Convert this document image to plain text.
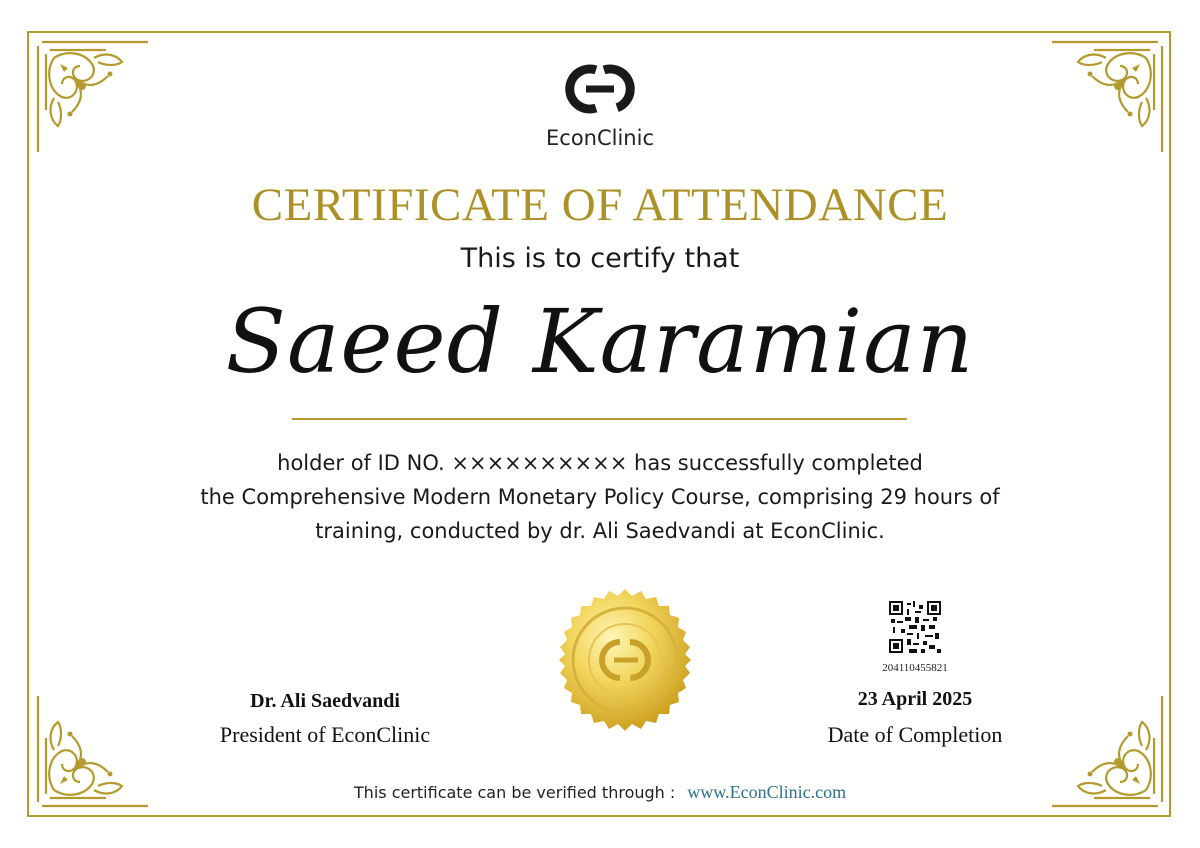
EconClinic
CERTIFICATE OF ATTENDANCE
This is to certify that
Saeed Karamian
holder of ID NO. ×××××××××× has successfully completed
the Comprehensive Modern Monetary Policy Course, comprising 29 hours of
training, conducted by dr. Ali Saedvandi at EconClinic.
Dr. Ali Saedvandi
President of EconClinic
204110455821
23 April 2025
Date of Completion
This certificate can be verified through : www.EconClinic.com
